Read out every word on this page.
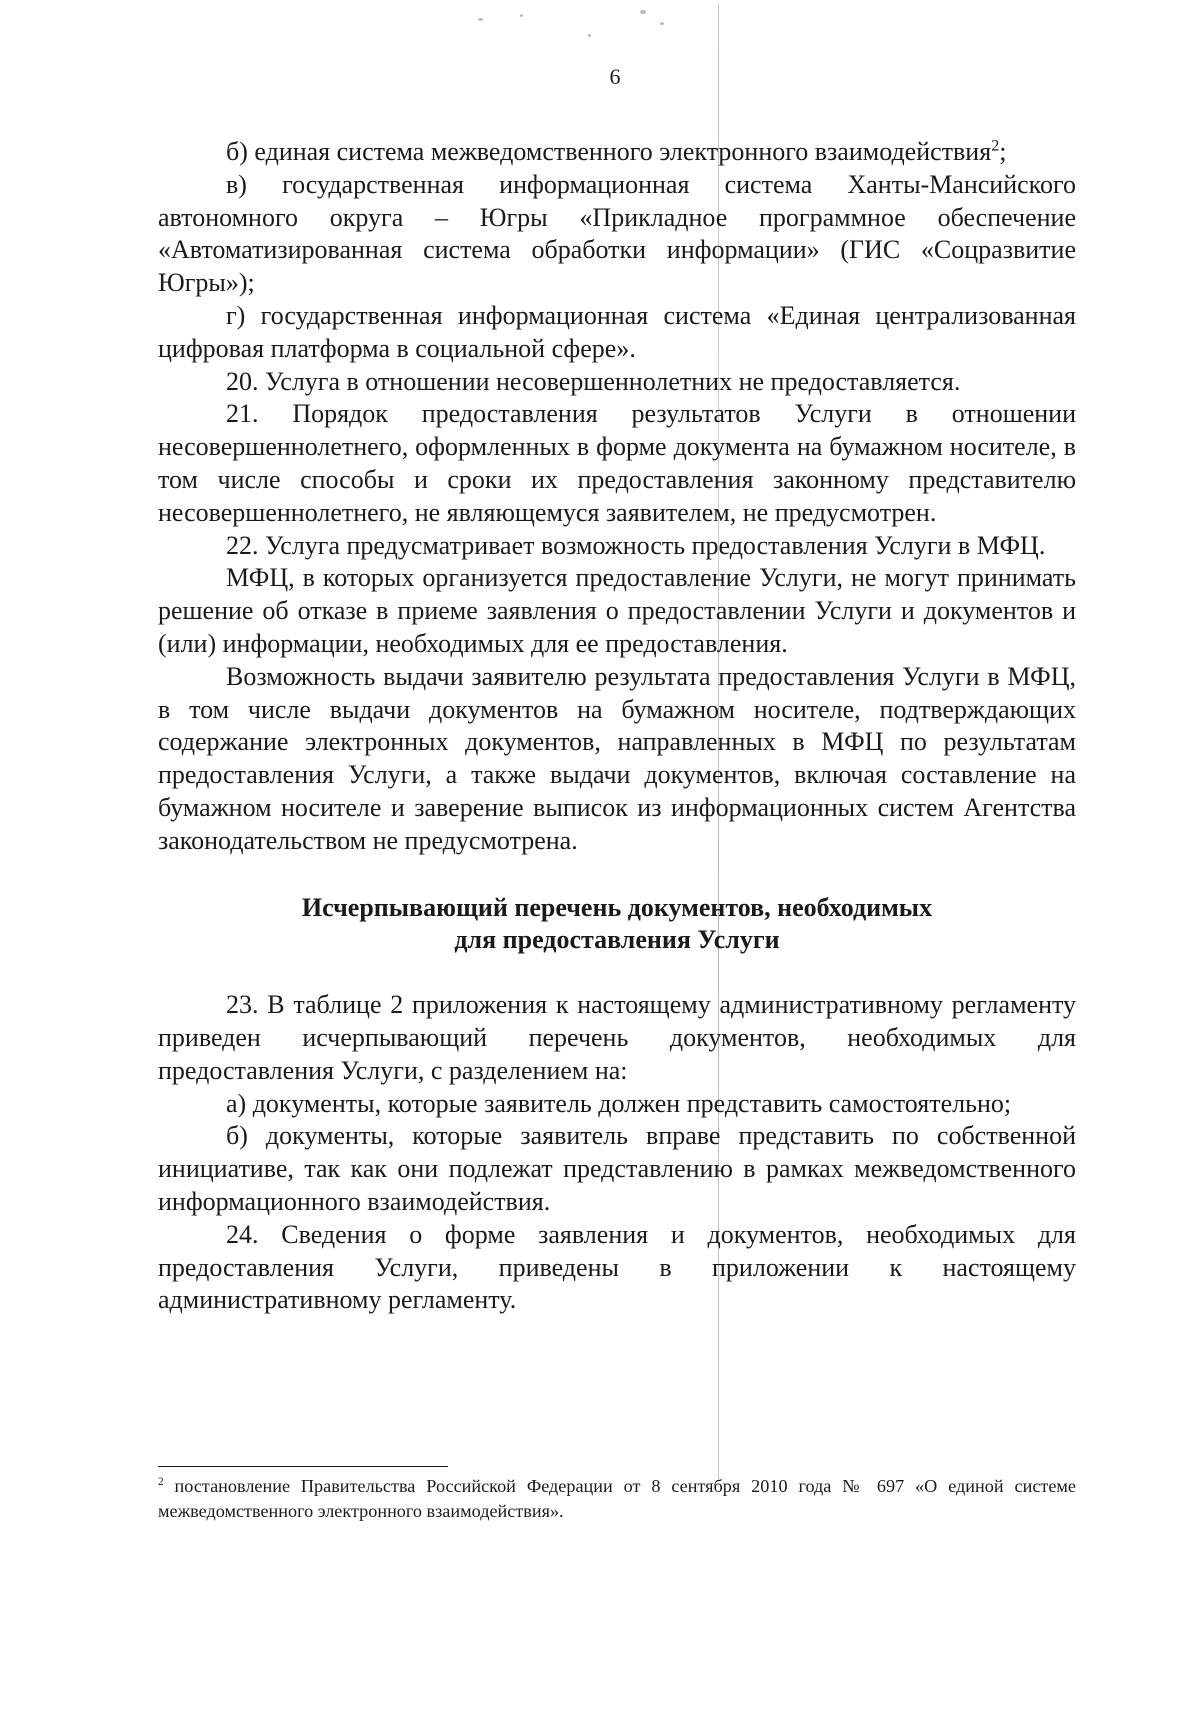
6

б) единая система межведомственного электронного взаимодействия$^2$;

в) государственная информационная система Ханты-Мансийского автономного округа – Югры «Прикладное программное обеспечение «Автоматизированная система обработки информации» (ГИС «Соцразвитие Югры»);

г) государственная информационная система «Единая централизованная цифровая платформа в социальной сфере».

20. Услуга в отношении несовершеннолетних не предоставляется.

21. Порядок предоставления результатов Услуги в отношении несовершеннолетнего, оформленных в форме документа на бумажном носителе, в том числе способы и сроки их предоставления законному представителю несовершеннолетнего, не являющемуся заявителем, не предусмотрен.

22. Услуга предусматривает возможность предоставления Услуги в МФЦ.

МФЦ, в которых организуется предоставление Услуги, не могут принимать решение об отказе в приеме заявления о предоставлении Услуги и документов и (или) информации, необходимых для ее предоставления.

Возможность выдачи заявителю результата предоставления Услуги в МФЦ, в том числе выдачи документов на бумажном носителе, подтверждающих содержание электронных документов, направленных в МФЦ по результатам предоставления Услуги, а также выдачи документов, включая составление на бумажном носителе и заверение выписок из информационных систем Агентства законодательством не предусмотрена.

Исчерпывающий перечень документов, необходимых
для предоставления Услуги

23. В таблице 2 приложения к настоящему административному регламенту приведен исчерпывающий перечень документов, необходимых для предоставления Услуги, с разделением на:

а) документы, которые заявитель должен представить самостоятельно;

б) документы, которые заявитель вправе представить по собственной инициативе, так как они подлежат представлению в рамках межведомственного информационного взаимодействия.

24. Сведения о форме заявления и документов, необходимых для предоставления Услуги, приведены в приложении к настоящему административному регламенту.

$^2$ постановление Правительства Российской Федерации от 8 сентября 2010 года № 697 «О единой системе межведомственного электронного взаимодействия».
